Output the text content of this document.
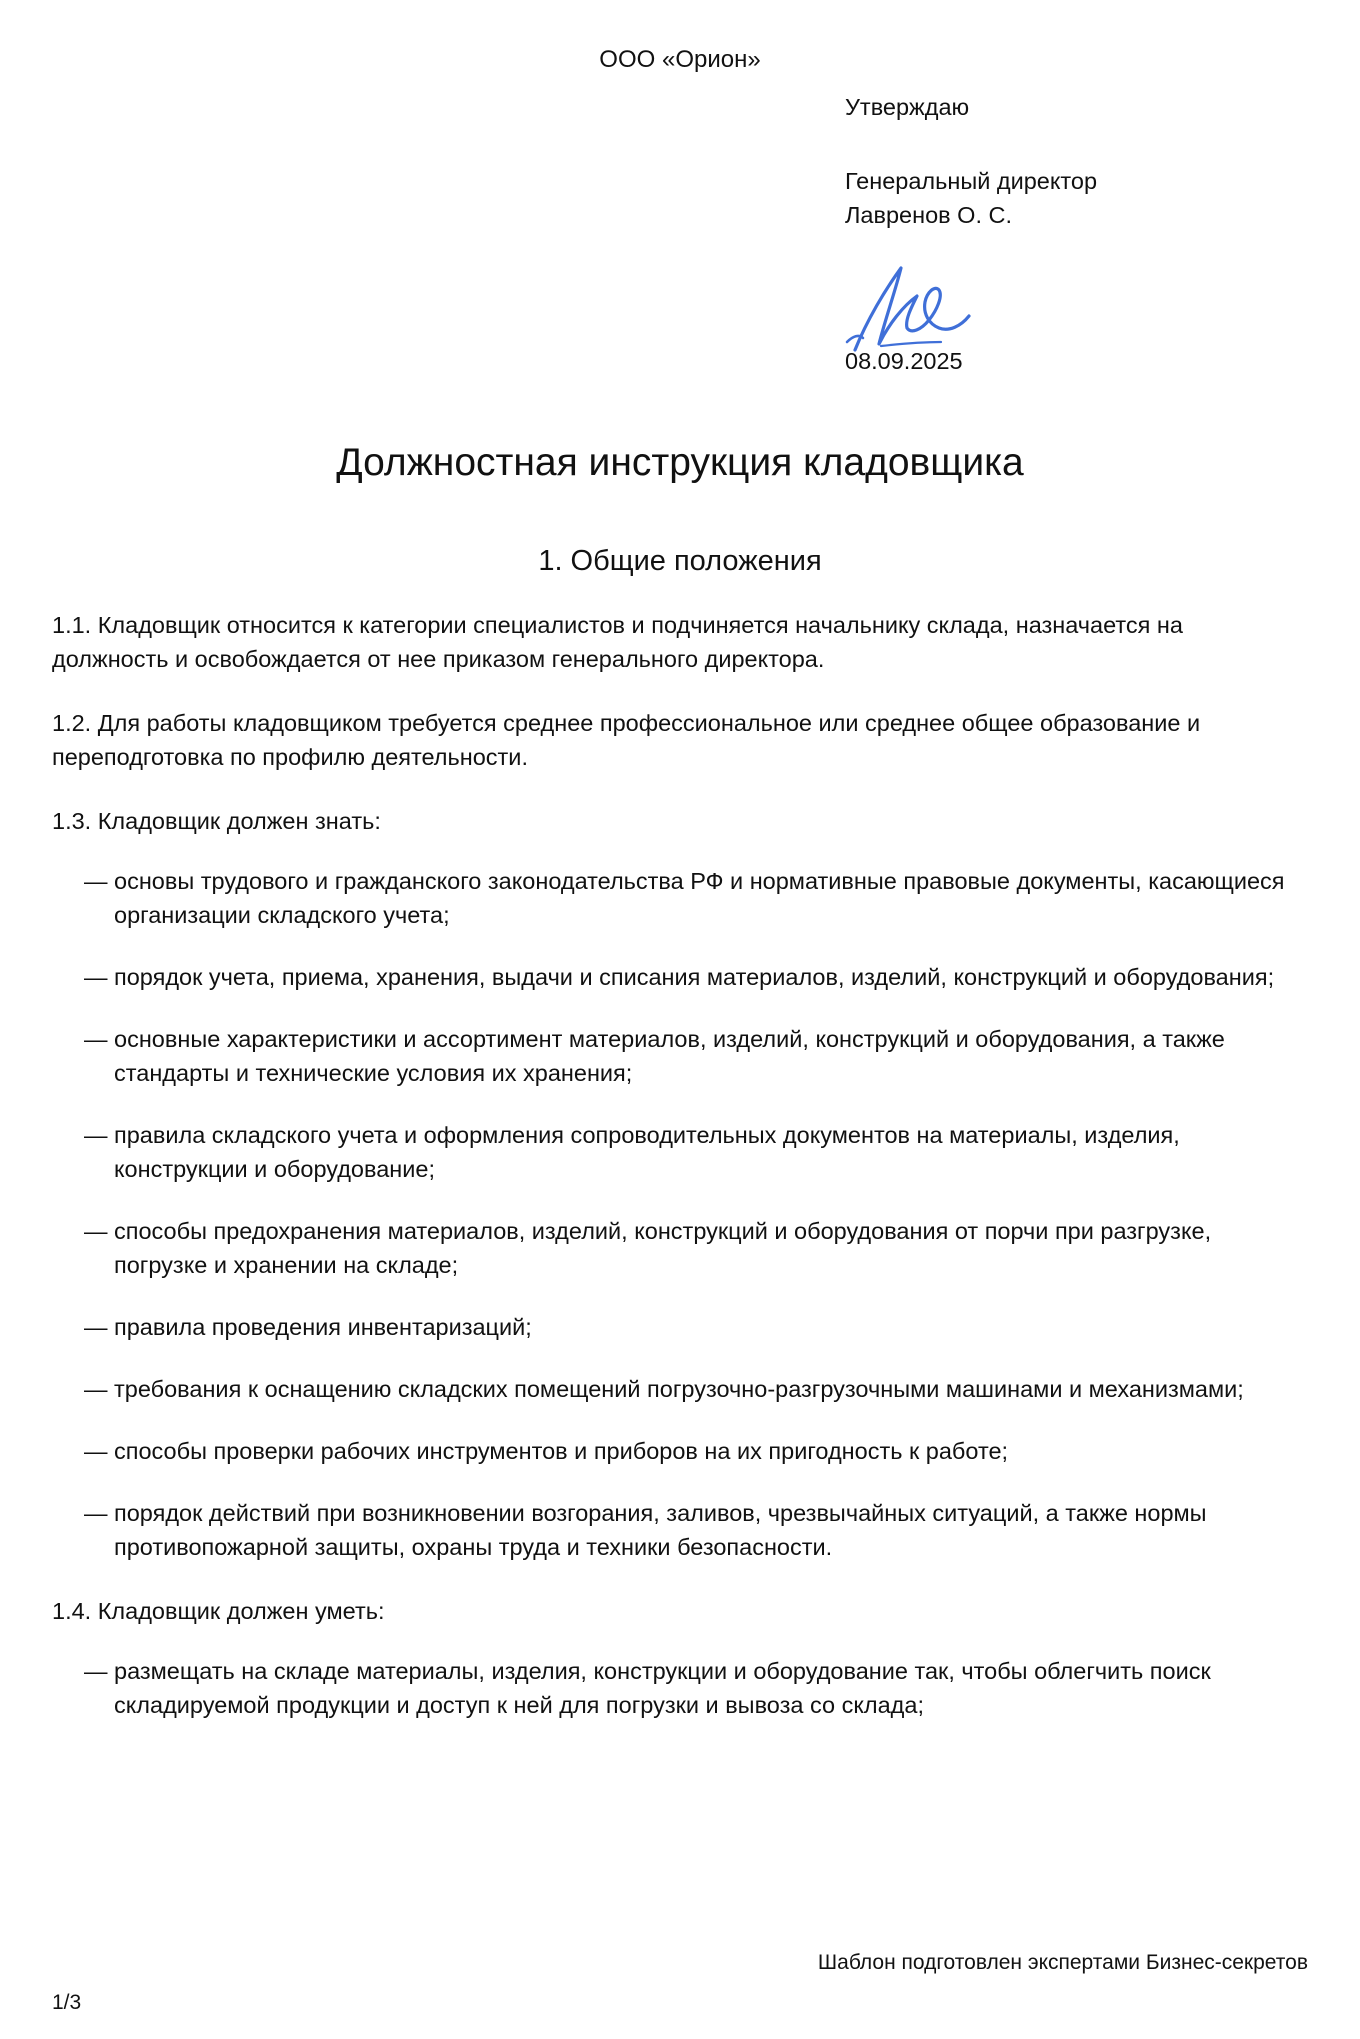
ООО «Орион»

Утверждаю

Генеральный директор

Лавренов О. С.

08.09.2025
Должностная инструкция кладовщика
1. Общие положения

1.1. Кладовщик относится к категории специалистов и подчиняется начальнику склада, назначается на должность и освобождается от нее приказом генерального директора.

1.2. Для работы кладовщиком требуется среднее профессиональное или среднее общее образование и переподготовка по профилю деятельности.

1.3. Кладовщик должен знать:

— основы трудового и гражданского законодательства РФ и нормативные правовые документы, касающиеся организации складского учета;
— порядок учета, приема, хранения, выдачи и списания материалов, изделий, конструкций и оборудования;
— основные характеристики и ассортимент материалов, изделий, конструкций и оборудования, а также стандарты и технические условия их хранения;
— правила складского учета и оформления сопроводительных документов на материалы, изделия, конструкции и оборудование;
— способы предохранения материалов, изделий, конструкций и оборудования от порчи при разгрузке, погрузке и хранении на складе;
— правила проведения инвентаризаций;
— требования к оснащению складских помещений погрузочно-разгрузочными машинами и механизмами;
— способы проверки рабочих инструментов и приборов на их пригодность к работе;
— порядок действий при возникновении возгорания, заливов, чрезвычайных ситуаций, а также нормы противопожарной защиты, охраны труда и техники безопасности.

1.4. Кладовщик должен уметь:

— размещать на складе материалы, изделия, конструкции и оборудование так, чтобы облегчить поиск складируемой продукции и доступ к ней для погрузки и вывоза со склада;
Шаблон подготовлен экспертами Бизнес-секретов
1/3
